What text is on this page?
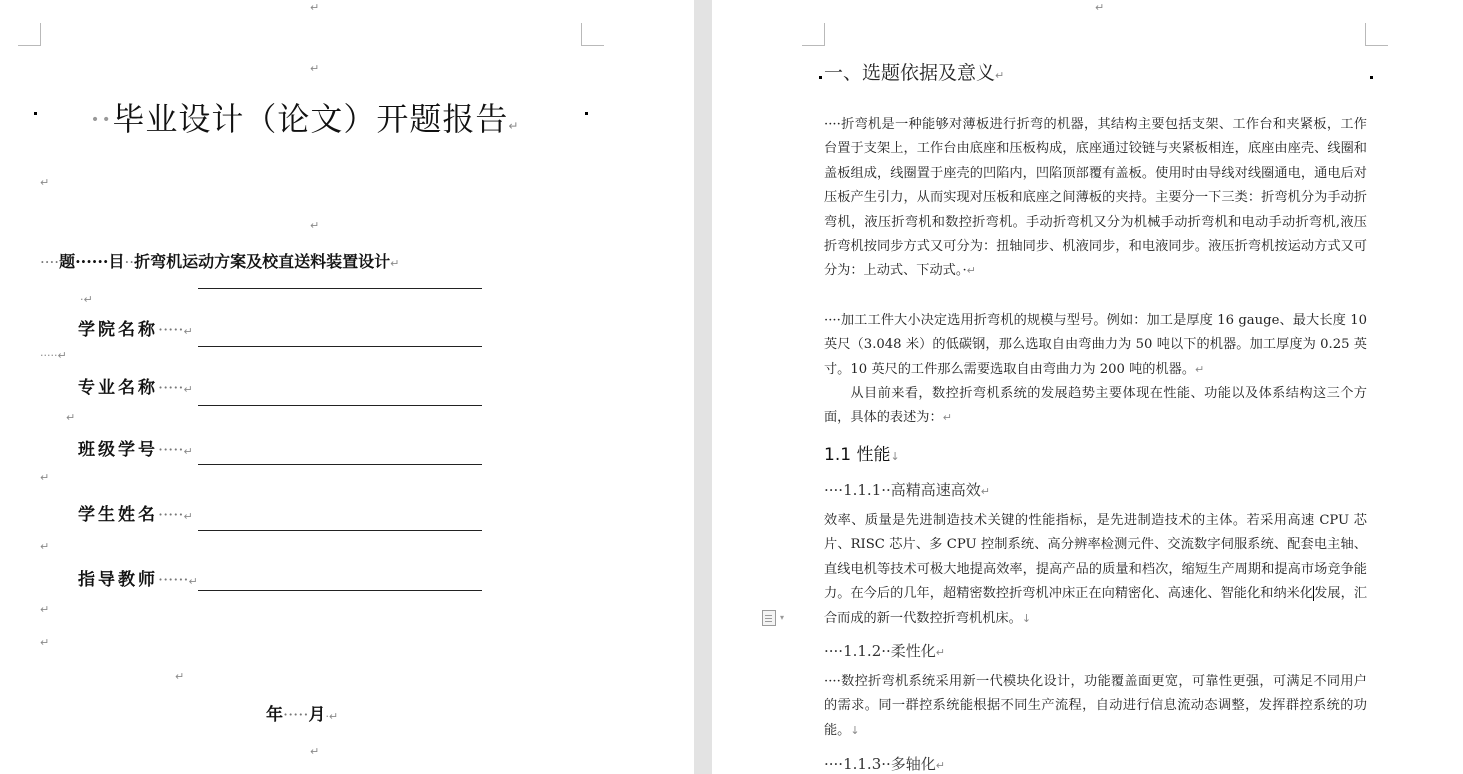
↵
↵
··毕业设计（论文）开题报告↵
↵
↵
····题······目··折弯机运动方案及校直送料装置设计↵
·↵
学院名称·····↵
·····↵
专业名称·····↵
↵
班级学号·····↵
↵
学生姓名·····↵
↵
指导教师······↵
↵
↵
↵
年·····月·↵
↵
↵
一、选题依据及意义↵
····折弯机是一种能够对薄板进行折弯的机器，其结构主要包括支架、工作台和夹紧板，工作台置于支架上，工作台由底座和压板构成，底座通过铰链与夹紧板相连，底座由座壳、线圈和盖板组成，线圈置于座壳的凹陷内，凹陷顶部覆有盖板。使用时由导线对线圈通电，通电后对压板产生引力，从而实现对压板和底座之间薄板的夹持。主要分一下三类：折弯机分为手动折弯机，液压折弯机和数控折弯机。手动折弯机又分为机械手动折弯机和电动手动折弯机,液压折弯机按同步方式又可分为：扭轴同步、机液同步，和电液同步。液压折弯机按运动方式又可分为：上动式、下动式。·↵
····加工工件大小决定选用折弯机的规模与型号。例如：加工是厚度 16 gauge、最大长度 10 英尺（3.048 米）的低碳钢，那么选取自由弯曲力为 50 吨以下的机器。加工厚度为 0.25 英寸。10 英尺的工件那么需要选取自由弯曲力为 200 吨的机器。↵
从目前来看，数控折弯机系统的发展趋势主要体现在性能、功能以及体系结构这三个方面，具体的表述为：↵
1.1 性能↓
····1.1.1··高精高速高效↵
效率、质量是先进制造技术关键的性能指标，是先进制造技术的主体。若采用高速 CPU 芯片、RISC 芯片、多 CPU 控制系统、高分辨率检测元件、交流数字伺服系统、配套电主轴、直线电机等技术可极大地提高效率，提高产品的质量和档次，缩短生产周期和提高市场竞争能力。在今后的几年，超精密数控折弯机冲床正在向精密化、高速化、智能化和纳米化发展，汇合而成的新一代数控折弯机机床。↓
▾
····1.1.2··柔性化↵
····数控折弯机系统采用新一代模块化设计，功能覆盖面更宽，可靠性更强，可满足不同用户的需求。同一群控系统能根据不同生产流程，自动进行信息流动态调整，发挥群控系统的功能。↓
····1.1.3··多轴化↵
